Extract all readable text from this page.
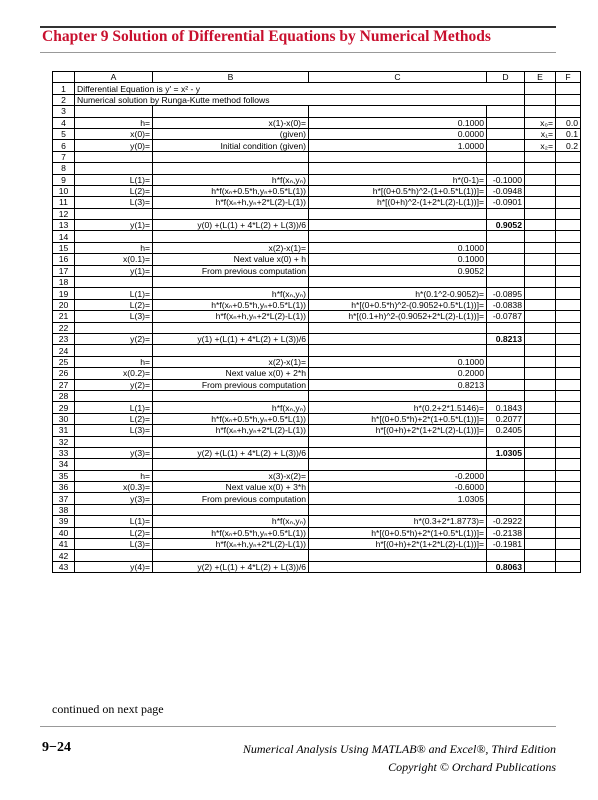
Chapter 9 Solution of Differential Equations by Numerical Methods
	A	B	C	D	E	F
1	Differential Equation is y' = x² - y					
2	Numerical solution by Runga-Kutte method follows					
3						
4	h=	x(1)-x(0)=	0.1000		x₀=	0.0
5	x(0)=	(given)	0.0000		x₁=	0.1
6	y(0)=	Initial condition (given)	1.0000		x₂=	0.2
7						
8						
9	L(1)=	h*f(xₙ,yₙ)	h*(0-1)=	-0.1000		
10	L(2)=	h*f(xₙ+0.5*h,yₙ+0.5*L(1))	h*[(0+0.5*h)^2-(1+0.5*L(1))]=	-0.0948		
11	L(3)=	h*f(xₙ+h,yₙ+2*L(2)-L(1))	h*[(0+h)^2-(1+2*L(2)-L(1))]=	-0.0901		
12						
13	y(1)=	y(0) +(L(1) + 4*L(2) + L(3))/6		0.9052		
14						
15	h=	x(2)-x(1)=	0.1000			
16	x(0.1)=	Next value x(0) + h	0.1000			
17	y(1)=	From previous computation	0.9052			
18						
19	L(1)=	h*f(xₙ,yₙ)	h*(0.1^2-0.9052)=	-0.0895		
20	L(2)=	h*f(xₙ+0.5*h,yₙ+0.5*L(1))	h*[(0+0.5*h)^2-(0.9052+0.5*L(1))]=	-0.0838		
21	L(3)=	h*f(xₙ+h,yₙ+2*L(2)-L(1))	h*[(0.1+h)^2-(0.9052+2*L(2)-L(1))]=	-0.0787		
22						
23	y(2)=	y(1) +(L(1) + 4*L(2) + L(3))/6		0.8213		
24						
25	h=	x(2)-x(1)=	0.1000			
26	x(0.2)=	Next value x(0) + 2*h	0.2000			
27	y(2)=	From previous computation	0.8213			
28						
29	L(1)=	h*f(xₙ,yₙ)	h*(0.2+2*1.5146)=	0.1843		
30	L(2)=	h*f(xₙ+0.5*h,yₙ+0.5*L(1))	h*[(0+0.5*h)+2*(1+0.5*L(1))]=	0.2077		
31	L(3)=	h*f(xₙ+h,yₙ+2*L(2)-L(1))	h*[(0+h)+2*(1+2*L(2)-L(1))]=	0.2405		
32						
33	y(3)=	y(2) +(L(1) + 4*L(2) + L(3))/6		1.0305		
34						
35	h=	x(3)-x(2)=	-0.2000			
36	x(0.3)=	Next value x(0) + 3*h	-0.6000			
37	y(3)=	From previous computation	1.0305			
38						
39	L(1)=	h*f(xₙ,yₙ)	h*(0.3+2*1.8773)=	-0.2922		
40	L(2)=	h*f(xₙ+0.5*h,yₙ+0.5*L(1))	h*[(0+0.5*h)+2*(1+0.5*L(1))]=	-0.2138		
41	L(3)=	h*f(xₙ+h,yₙ+2*L(2)-L(1))	h*[(0+h)+2*(1+2*L(2)-L(1))]=	-0.1981		
42						
43	y(4)=	y(2) +(L(1) + 4*L(2) + L(3))/6		0.8063		
continued on next page
9−24	Numerical Analysis Using MATLAB® and Excel®, Third Edition
Copyright © Orchard Publications
